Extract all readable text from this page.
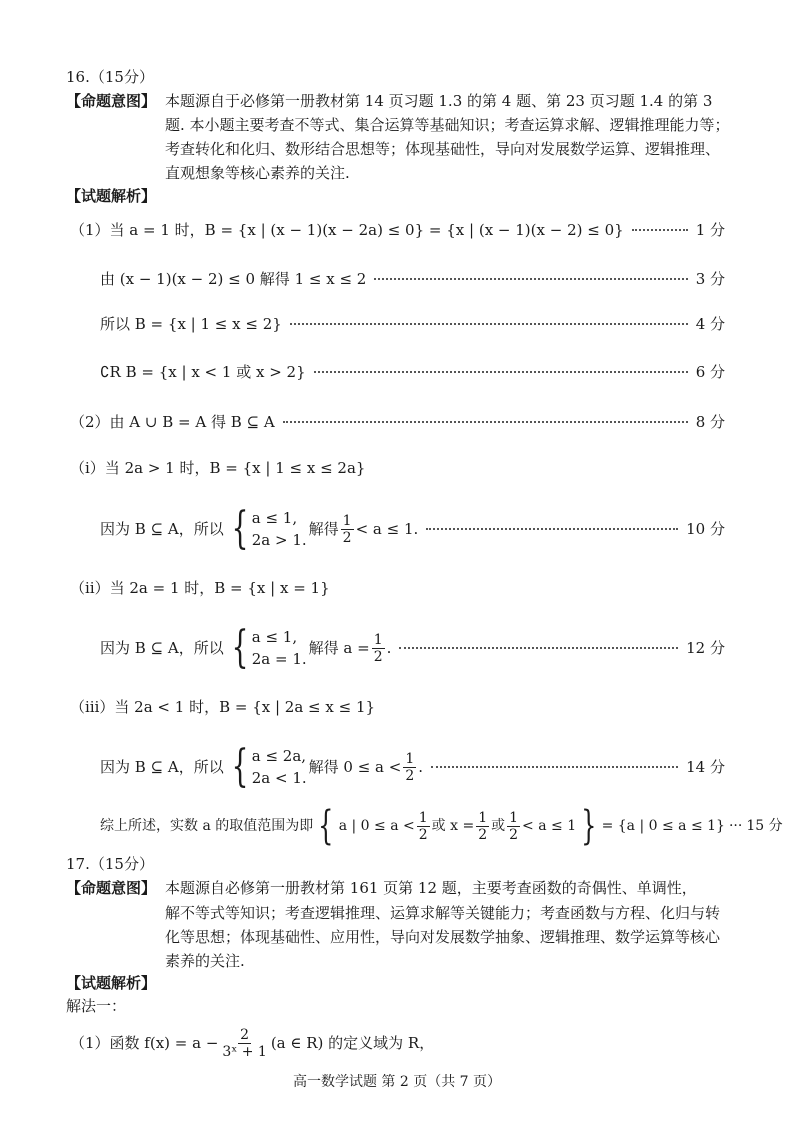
16.（15分）
【命题意图】 本题源自于必修第一册教材第 14 页习题 1.3 的第 4 题、第 23 页习题 1.4 的第 3
题. 本小题主要考查不等式、集合运算等基础知识；考查运算求解、逻辑推理能力等；考查转化和化归、数形结合思想等；体现基础性，导向对发展数学运算、逻辑推理、直观想象等核心素养的关注.
【试题解析】
（1）当 a = 1 时，B = {x | (x − 1)(x − 2a) ≤ 0} = {x | (x − 1)(x − 2) ≤ 0}	1 分
由 (x − 1)(x − 2) ≤ 0 解得 1 ≤ x ≤ 2	3 分
所以 B = {x | 1 ≤ x ≤ 2}	4 分
∁R B = {x | x < 1 或 x > 2}	6 分
（2）由 A ∪ B = A 得 B ⊆ A	8 分
（ⅰ）当 2a > 1 时，B = {x | 1 ≤ x ≤ 2a}
因为 B ⊆ A，所以 { a ≤ 1,
2a > 1.
解得 $\frac{1}{2} < a \le 1$.	10 分
（ⅱ）当 2a = 1 时，B = {x | x = 1}
因为 B ⊆ A，所以 { a ≤ 1,
2a = 1.
解得 $a = \frac{1}{2}$ .	12 分
（ⅲ）当 2a < 1 时，B = {x | 2a ≤ x ≤ 1}
因为 B ⊆ A，所以 { a ≤ 2a,
2a < 1.
解得 $0 \le a < \frac{1}{2}$ .	14 分
综上所述，实数 a 的取值范围为即 { a | $0 \le a < \frac{1}{2}$ 或 $x = \frac{1}{2}$ 或 $\frac{1}{2} < a \le 1$ } = {a | 0 ≤ a ≤ 1} ··· 15 分
17.（15分）
【命题意图】 本题源自必修第一册教材第 161 页第 12 题，主要考查函数的奇偶性、单调性，
解不等式等知识；考查逻辑推理、运算求解等关键能力；考查函数与方程、化归与转化等思想；体现基础性、应用性，导向对发展数学抽象、逻辑推理、数学运算等核心素养的关注.
【试题解析】
解法一：
（1）函数 $f(x) = a - \frac{2}{\text{3ˣ + 1}} (a$ ∈ R) 的定义域为 R，
高一数学试题 第 2 页（共 7 页）
